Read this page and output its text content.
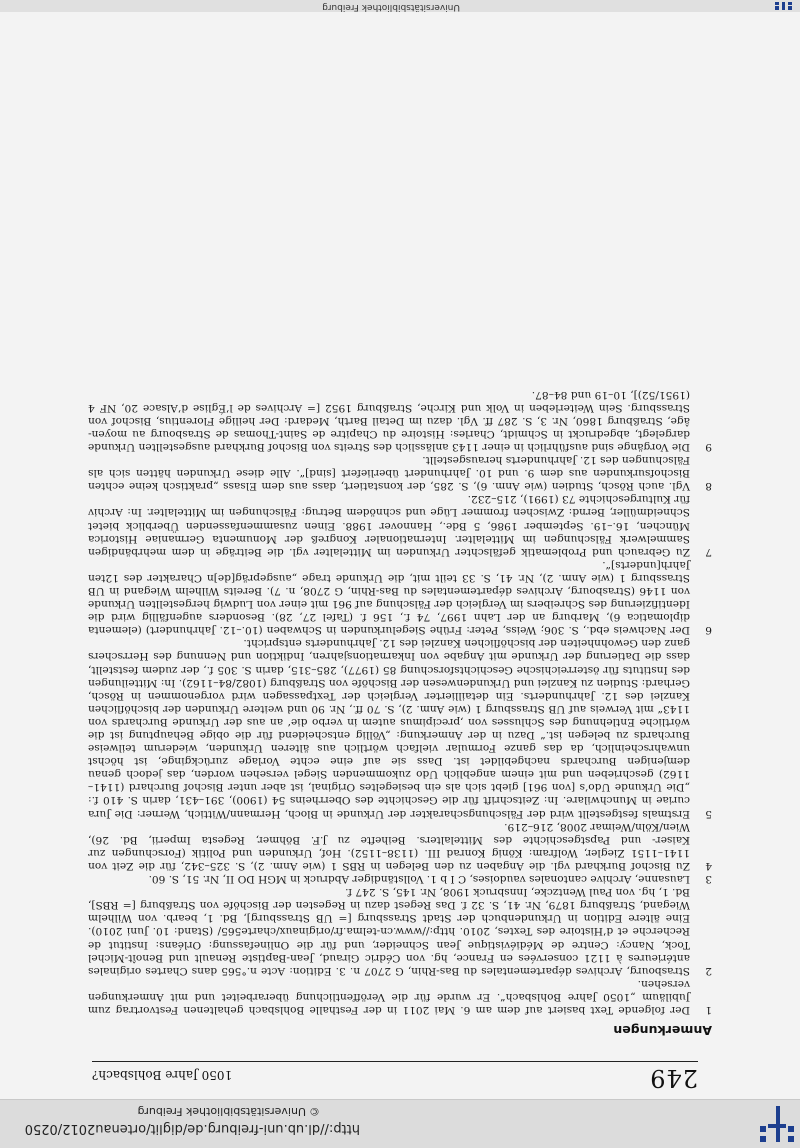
http://dl.ub.uni-freiburg.de/diglit/ortenau2012/0250
©Universitätsbibliothek Freiburg
249
1050 Jahre Bohlsbach?
Anmerkungen
1
Der folgende Text basiert auf dem am 6. Mai 2011 in der Festhalle Bohlsbach gehaltenen Festvortrag zum Jubiläum „1050 Jahre Bohlsbach“. Er wurde für die Veröffentlichung überarbeitet und mit Anmerkungen versehen.
2
Strasbourg, Archives départementales du Bas-Rhin, G 2707 n. 3. Edition: Acte n.°565 dans Chartes originales antérieures à 1121 conservées en France, hg. von Cédric Giraud, Jean-Baptiste Renault und Benoît-Michel Tock, Nancy: Centre de Médiévistique Jean Schneider, und für die Onlinefassung: Orléans: Institut de Recherche et d’Histoire des Textes, 2010. http://www.cn-telma.fr/originaux/charte565/ (Stand: 10. Juni 2010). Eine ältere Edition in Urkundenbuch der Stadt Strassburg [= UB Strassburg], Bd. 1, bearb. von Wilhelm Wiegand, Straßburg 1879, Nr. 41, S. 32 f. Das Regest dazu in Regesten der Bischöfe von Straßburg [= RBS], Bd. 1, hg. von Paul Wentzcke, Innsbruck 1908, Nr. 145, S. 247 f.
3
Lausanne, Archive cantonales vaudoises, C I b 1. Vollständiger Abdruck in MGH DO II, Nr. 51, S. 60.
4
Zu Bischof Burkhard vgl. die Angaben zu den Belegen in RBS 1 (wie Anm. 2), S. 325–342, für die Zeit von 1141–1151 Ziegler, Wolfram: König Konrad III. (1138–1152). Hof, Urkunden und Politik (Forschungen zur Kaiser- und Papstgeschichte des Mittelalters. Beihefte zu J.F. Böhmer, Regesta Imperii, Bd. 26), Wien/Köln/Weimar 2008, 216–219.
5
Erstmals festgestellt wird der Fälschungscharakter der Urkunde in Bloch, Hermann/Wittich, Werner: Die Jura curiae in Munchwilare. In: Zeitschrift für die Geschichte des Oberrheins 54 (1900), 391–431, darin S. 410 f.: „Die Urkunde Udo’s [von 961] giebt sich als ein besiegeltes Original, ist aber unter Bischof Burchard (1141–1162) geschrieben und mit einem angeblich Udo zukommenden Siegel versehen worden, das jedoch genau demjenigen Burchards nachgebildet ist. Dass sie auf eine echte Vorlage zurückginge, ist höchst unwahrscheinlich, da das ganze Formular vielfach wörtlich aus älteren Urkunden, wiederum teilweise Burchards zu belegen ist.“ Dazu in der Anmerkung: „Völlig entscheidend für die obige Behauptung ist die wörtliche Entlehnung des Schlusses von ‚precipimus autem in verbo die‘ an aus der Urkunde Burchards von 1143“ mit Verweis auf UB Strassburg 1 (wie Anm. 2), S. 70 ff., Nr. 90 und weitere Urkunden der bischöflichen Kanzlei des 12. Jahrhunderts. Ein detaillierter Vergleich der Textpassagen wird vorgenommen in Rösch, Gerhard: Studien zu Kanzlei und Urkundenwesen der Bischöfe von Straßburg (1082/84–1162). In: Mitteilungen des Instituts für österreichische Geschichtsforschung 85 (1977), 285–315, darin S. 305 f., der zudem feststellt, dass die Datierung der Urkunde mit Angabe von Inkarnationsjahren, Indiktion und Nennung des Herrschers ganz den Gewohnheiten der bischöflichen Kanzlei des 12. Jahrhunderts entspricht.
6
Der Nachweis ebd., S. 306; Weiss, Peter: Frühe Siegelurkunden in Schwaben (10.–12. Jahrhundert) (elementa diplomatica 6), Marburg an der Lahn 1997, 74 f., 156 f. (Tafel 27, 28). Besonders augenfällig wird die Identifizierung des Schreibers im Vergleich der Fälschung auf 961 mit einer von Ludwig hergestellten Urkunde von 1146 (Strasbourg, Archives départementales du Bas-Rhin, G 2708, n. 7). Bereits Wilhelm Wiegand in UB Strassburg 1 (wie Anm. 2), Nr. 41, S. 33 teilt mit, die Urkunde trage „ausgepräg[de]n Charakter des 12ten Jahrh[underts]“.
7
Zu Gebrauch und Problematik gefälschter Urkunden im Mittelalter vgl. die Beiträge in dem mehrbändigen Sammelwerk Fälschungen im Mittelalter. Internationaler Kongreß der Monumenta Germaniae Historica München, 16.–19. September 1986, 5 Bde., Hannover 1988. Einen zusammenfassenden Überblick bietet Schneidmüller, Bernd: Zwischen frommer Lüge und schnödem Betrug: Fälschungen im Mittelalter. In: Archiv für Kulturgeschichte 73 (1991), 215–232.
8
Vgl. auch Rösch, Studien (wie Anm. 6), S. 285, der konstatiert, dass aus dem Elsass „praktisch keine echten Bischofsurkunden aus dem 9. und 10. Jahrhundert überliefert [sind]“. Alle diese Urkunden hätten sich als Fälschungen des 12. Jahrhunderts herausgestellt.
9
Die Vorgänge sind ausführlich in einer 1143 anlässlich des Streits von Bischof Burkhard ausgestellten Urkunde dargelegt, abgedruckt in Schmidt, Charles: Histoire du Chapitre de Saint-Thomas de Strasbourg au moyen-âge, Straßburg 1860, Nr. 3, S. 287 ff. Vgl. dazu im Detail Barth, Medard: Der heilige Florentius, Bischof von Strassburg. Sein Weiterleben in Volk und Kirche, Straßburg 1952 [= Archives de l’Église d’Alsace 20, NF 4 (1951/52)], 10–19 und 84–87.
Universitätsbibliothek Freiburg
